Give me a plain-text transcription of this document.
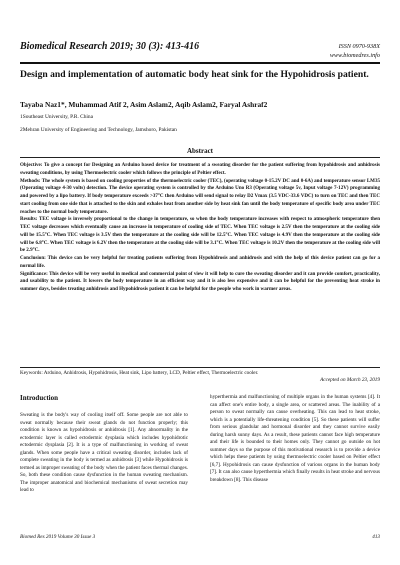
Biomedical Research 2019; 30 (3): 413-416	ISSN 0970-938X
www.biomedres.info
Design and implementation of automatic body heat sink for the Hypohidrosis patient.
Tayaba Naz1*, Muhammad Atif 2, Asim Aslam2, Aqib Aslam2, Faryal Ashraf2
1Southeast University, P.R. China
2Mehran University of Engineering and Technology, Jamshoro, Pakistan
Abstract

Objective: To give a concept for Designing an Arduino based device for treatment of a sweating disorder for the patient suffering from hypohidrosis and anhidrosis sweating conditions, by using Thermoelectric cooler which follows the principle of Peltier effect.

Methods: The whole system is based on cooling properties of the thermoelectric cooler (TEC), (operating voltage 0-15.2V DC and 0-6A) and temperature sensor LM35 (Operating voltage 4-30 volts) detection. The device operating system is controlled by the Arduino Uno R3 (Operating voltage 5v, Input voltage 7-12V) programming and powered by a lipo battery. If body temperature exceeds >37°C then Arduino will send signal to relay D2 Vmax (3.5 VDC-33.6 VDC) to turn on TEC and then TEC start cooling from one side that is attached to the skin and exhales heat from another side by heat sink fan until the body temperature of specific body area under TEC reaches to the normal body temperature.

Results: TEC voltage is inversely proportional to the change in temperature, so when the body temperature increases with respect to atmospheric temperature then TEC voltage decreases which eventually cause an increase in temperature of cooling side of TEC. When TEC voltage is 2.5V then the temperature at the cooling side will be 15.5°C. When TEC voltage is 3.5V then the temperature at the cooling side will be 12.5°C. When TEC voltage is 4.9V then the temperature at the cooling side will be 6.8°C. When TEC voltage is 6.2V then the temperature at the cooling side will be 3.1°C. When TEC voltage is 10.2V then the temperature at the cooling side will be 2.9°C.

Conclusion: This device can be very helpful for treating patients suffering from Hypohidrosis and anhidrosis and with the help of this device patient can go for a normal life.

Significance: This device will be very useful in medical and commercial point of view it will help to cure the sweating disorder and it can provide comfort, practicality, and usability to the patient. It lowers the body temperature in an efficient way and it is also less expensive and it can be helpful for the preventing heat stroke in summer days, besides treating anhidrosis and Hypohidrosis patient it can be helpful for the people who work in warmer areas.

Keywords: Arduino, Anhidrosis, Hypohidrosis, Heat sink, Lipo battery, LCD, Peltier effect, Thermoelectric cooler.
Accepted on March 23, 2019
Introduction

Sweating is the body's way of cooling itself off. Some people are not able to sweat normally because their sweat glands do not function properly; this condition is known as hypohidrosis or anhidrosis [1]. Any abnormality in the ectodermic layer is called ectodermic dysplasia which includes hypohidrotic ectodermic dysplasia [2]. It is a type of malfunctioning in working of sweat glands. When some people have a critical sweating disorder, includes lack of complete sweating in the body is termed as anhidrosis [3] while Hypohidrosis is termed as improper sweating of the body when the patient faces thermal changes. So, both these condition cause dysfunction in the human sweating mechanism. The improper anatomical and biochemical mechanisms of sweat secretion may lead to

hyperthermia and malfunctioning of multiple organs in the human systems [4]. It can affect one's entire body, a single area, or scattered areas. The inability of a person to sweat normally can cause overheating. This can lead to heat stroke, which is a potentially life-threatening condition [5]. So these patients will suffer from serious glandular and hormonal disorder and they cannot survive easily during harsh sunny days. As a result, these patients cannot face high temperature and their life is bounded to their homes only. They cannot go outside on hot summer days so the purpose of this motivational research is to provide a device which helps these patients by using thermoelectric cooler based on Peltier effect [6,7]. Hypohidrosis can cause dysfunction of various organs in the human body [7]. It can also cause hyperthermia which finally results in heat stroke and nervous breakdown [8]. This disease

Biomed Res 2019 Volume 30 Issue 3	413
